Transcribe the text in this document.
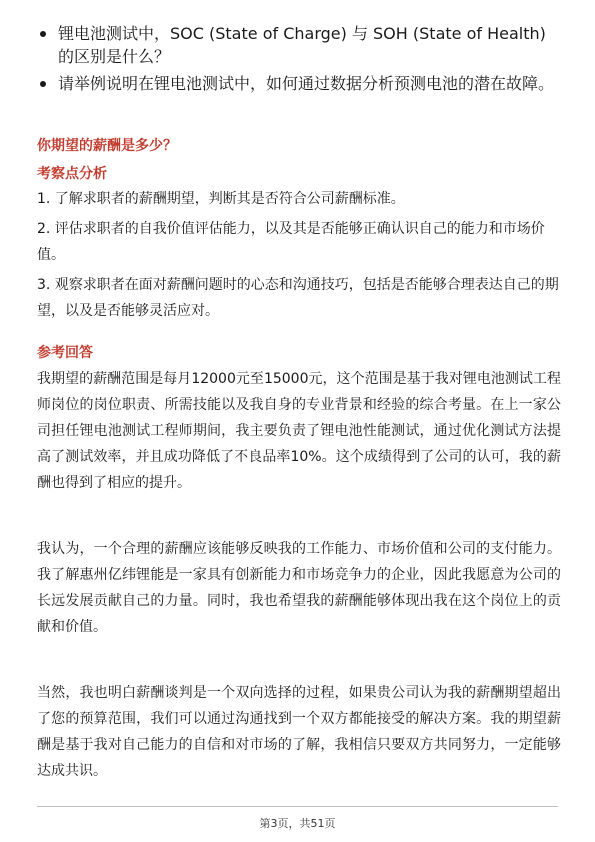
锂电池测试中，SOC (State of Charge) 与 SOH (State of Health) 的区别是什么？
请举例说明在锂电池测试中，如何通过数据分析预测电池的潜在故障。
你期望的薪酬是多少？
考察点分析
1. 了解求职者的薪酬期望，判断其是否符合公司薪酬标准。
2. 评估求职者的自我价值评估能力，以及其是否能够正确认识自己的能力和市场价值。
3. 观察求职者在面对薪酬问题时的心态和沟通技巧，包括是否能够合理表达自己的期望，以及是否能够灵活应对。
参考回答
我期望的薪酬范围是每月12000元至15000元，这个范围是基于我对锂电池测试工程师岗位的岗位职责、所需技能以及我自身的专业背景和经验的综合考量。在上一家公司担任锂电池测试工程师期间，我主要负责了锂电池性能测试，通过优化测试方法提高了测试效率，并且成功降低了不良品率10%。这个成绩得到了公司的认可，我的薪酬也得到了相应的提升。
我认为，一个合理的薪酬应该能够反映我的工作能力、市场价值和公司的支付能力。我了解惠州亿纬锂能是一家具有创新能力和市场竞争力的企业，因此我愿意为公司的长远发展贡献自己的力量。同时，我也希望我的薪酬能够体现出我在这个岗位上的贡献和价值。
当然，我也明白薪酬谈判是一个双向选择的过程，如果贵公司认为我的薪酬期望超出了您的预算范围，我们可以通过沟通找到一个双方都能接受的解决方案。我的期望薪酬是基于我对自己能力的自信和对市场的了解，我相信只要双方共同努力，一定能够达成共识。
第3页，共51页
